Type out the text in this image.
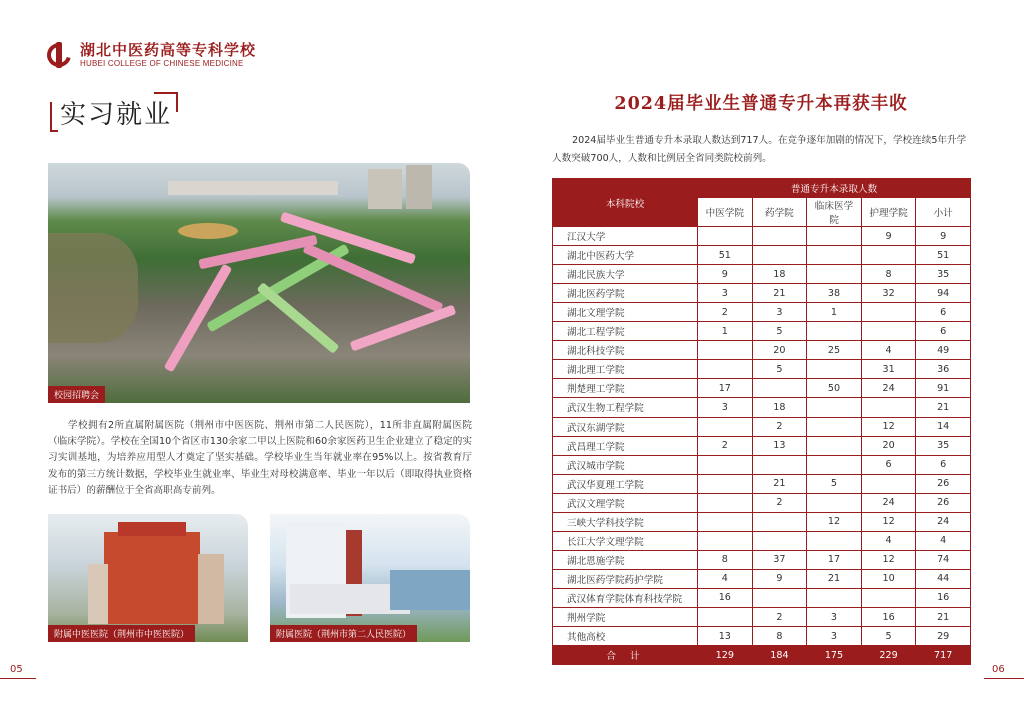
湖北中医药高等专科学校
HUBEI COLLEGE OF CHINESE MEDICINE
实习就业
校园招聘会

学校拥有2所直属附属医院（荆州市中医医院、荆州市第二人民医院），11所非直属附属医院（临床学院）。学校在全国10个省区市130余家二甲以上医院和60余家医药卫生企业建立了稳定的实习实训基地，为培养应用型人才奠定了坚实基础。学校毕业生当年就业率在95%以上。按省教育厅发布的第三方统计数据，学校毕业生就业率、毕业生对母校满意率、毕业一年以后（即取得执业资格证书后）的薪酬位于全省高职高专前列。

附属中医医院（荆州市中医医院）	附属医院（荆州市第二人民医院）
05
2024届毕业生普通专升本再获丰收

2024届毕业生普通专升本录取人数达到717人。在竞争逐年加剧的情况下，学校连续5年升学人数突破700人，人数和比例居全省同类院校前列。

本科院校	普通专升本录取人数				
	中医学院	药学院	临床医学院	护理学院	小计
江汉大学				9	9
湖北中医药大学	51				51
湖北民族大学	9	18		8	35
湖北医药学院	3	21	38	32	94
湖北文理学院	2	3	1		6
湖北工程学院	1	5			6
湖北科技学院		20	25	4	49
湖北理工学院		5		31	36
荆楚理工学院	17		50	24	91
武汉生物工程学院	3	18			21
武汉东湖学院		2		12	14
武昌理工学院	2	13		20	35
武汉城市学院				6	6
武汉华夏理工学院		21	5		26
武汉文理学院		2		24	26
三峡大学科技学院			12	12	24
长江大学文理学院				4	4
湖北恩施学院	8	37	17	12	74
湖北医药学院药护学院	4	9	21	10	44
武汉体育学院体育科技学院	16				16
荆州学院		2	3	16	21
其他高校	13	8	3	5	29
合计	129	184	175	229	717
06
